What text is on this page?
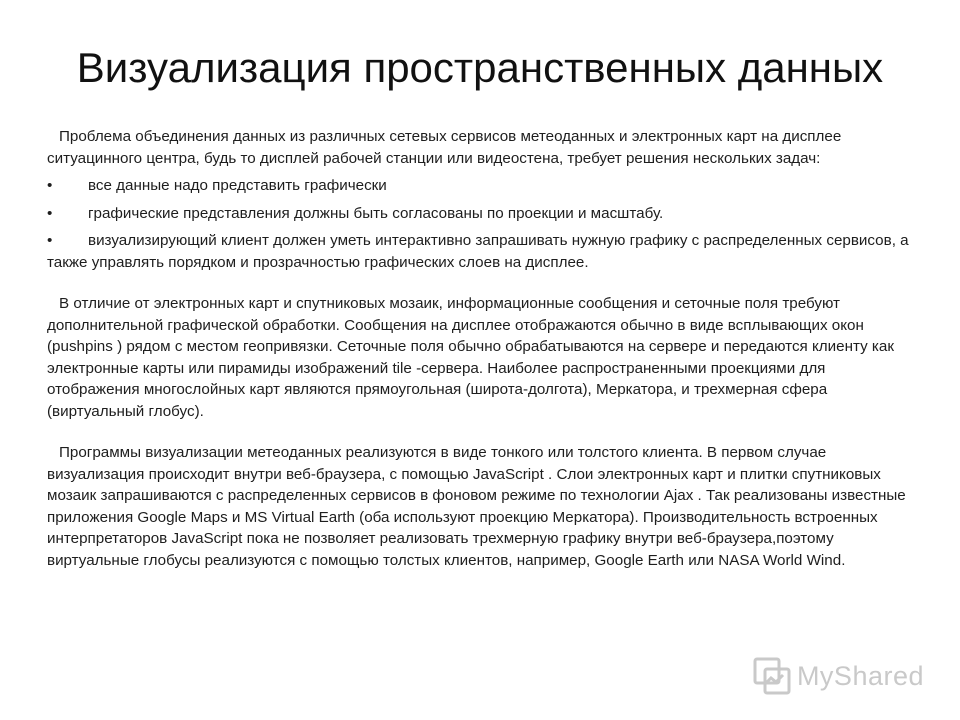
Визуализация пространственных данных

Проблема объединения данных из различных сетевых сервисов метеоданных и электронных карт на дисплее ситуацинного центра, будь то дисплей рабочей станции или видеостена, требует решения нескольких задач:

• все данные надо представить графически

• графические представления должны быть согласованы по проекции и масштабу.

• визуализирующий клиент должен уметь интерактивно запрашивать нужную графику с распределенных сервисов, а также управлять порядком и прозрачностью графических слоев на дисплее.

В отличие от электронных карт и спутниковых мозаик, информационные сообщения и сеточные поля требуют дополнительной графической обработки. Сообщения на дисплее отображаются обычно в виде всплывающих окон (pushpins ) рядом с местом геопривязки. Сеточные поля обычно обрабатываются на сервере и передаются клиенту как электронные карты или пирамиды изображений tile -сервера. Наиболее распространенными проекциями для отображения многослойных карт являются прямоугольная (широта-долгота), Меркатора, и трехмерная сфера (виртуальный глобус).

Программы визуализации метеоданных реализуются в виде тонкого или толстого клиента. В первом случае визуализация происходит внутри веб-браузера, с помощью JavaScript . Слои электронных карт и плитки спутниковых мозаик запрашиваются с распределенных сервисов в фоновом режиме по технологии Ajax . Так реализованы известные приложения Google Maps и MS Virtual Earth (оба используют проекцию Меркатора). Производительность встроенных интерпретаторов JavaScript пока не позволяет реализовать трехмерную графику внутри веб-браузера,поэтому виртуальные глобусы реализуются с помощью толстых клиентов, например, Google Earth или NASA World Wind.

MyShared
